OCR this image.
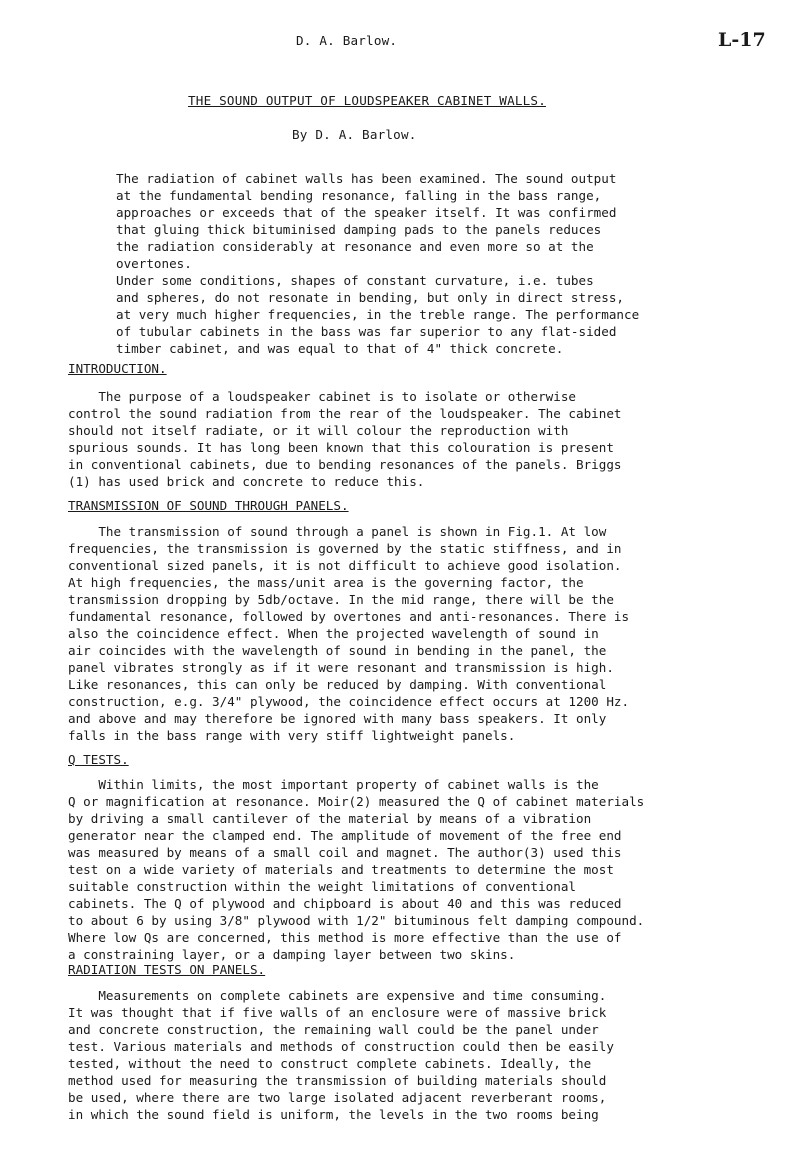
D. A. Barlow.	L-17
THE SOUND OUTPUT OF LOUDSPEAKER CABINET WALLS.
By D. A. Barlow.
The radiation of cabinet walls has been examined. The sound output
at the fundamental bending resonance, falling in the bass range,
approaches or exceeds that of the speaker itself. It was confirmed
that gluing thick bituminised damping pads to the panels reduces
the radiation considerably at resonance and even more so at the
overtones.
Under some conditions, shapes of constant curvature, i.e. tubes
and spheres, do not resonate in bending, but only in direct stress,
at very much higher frequencies, in the treble range. The performance
of tubular cabinets in the bass was far superior to any flat-sided
timber cabinet, and was equal to that of 4" thick concrete.
INTRODUCTION.
The purpose of a loudspeaker cabinet is to isolate or otherwise
control the sound radiation from the rear of the loudspeaker. The cabinet
should not itself radiate, or it will colour the reproduction with
spurious sounds. It has long been known that this colouration is present
in conventional cabinets, due to bending resonances of the panels. Briggs
(1) has used brick and concrete to reduce this.
TRANSMISSION OF SOUND THROUGH PANELS.
The transmission of sound through a panel is shown in Fig.1. At low
frequencies, the transmission is governed by the static stiffness, and in
conventional sized panels, it is not difficult to achieve good isolation.
At high frequencies, the mass/unit area is the governing factor, the
transmission dropping by 5db/octave. In the mid range, there will be the
fundamental resonance, followed by overtones and anti-resonances. There is
also the coincidence effect. When the projected wavelength of sound in
air coincides with the wavelength of sound in bending in the panel, the
panel vibrates strongly as if it were resonant and transmission is high.
Like resonances, this can only be reduced by damping. With conventional
construction, e.g. 3/4" plywood, the coincidence effect occurs at 1200 Hz.
and above and may therefore be ignored with many bass speakers. It only
falls in the bass range with very stiff lightweight panels.
Q TESTS.
Within limits, the most important property of cabinet walls is the
Q or magnification at resonance. Moir(2) measured the Q of cabinet materials
by driving a small cantilever of the material by means of a vibration
generator near the clamped end. The amplitude of movement of the free end
was measured by means of a small coil and magnet. The author(3) used this
test on a wide variety of materials and treatments to determine the most
suitable construction within the weight limitations of conventional
cabinets. The Q of plywood and chipboard is about 40 and this was reduced
to about 6 by using 3/8" plywood with 1/2" bituminous felt damping compound.
Where low Qs are concerned, this method is more effective than the use of
a constraining layer, or a damping layer between two skins.
RADIATION TESTS ON PANELS.
Measurements on complete cabinets are expensive and time consuming.
It was thought that if five walls of an enclosure were of massive brick
and concrete construction, the remaining wall could be the panel under
test. Various materials and methods of construction could then be easily
tested, without the need to construct complete cabinets. Ideally, the
method used for measuring the transmission of building materials should
be used, where there are two large isolated adjacent reverberant rooms,
in which the sound field is uniform, the levels in the two rooms being
